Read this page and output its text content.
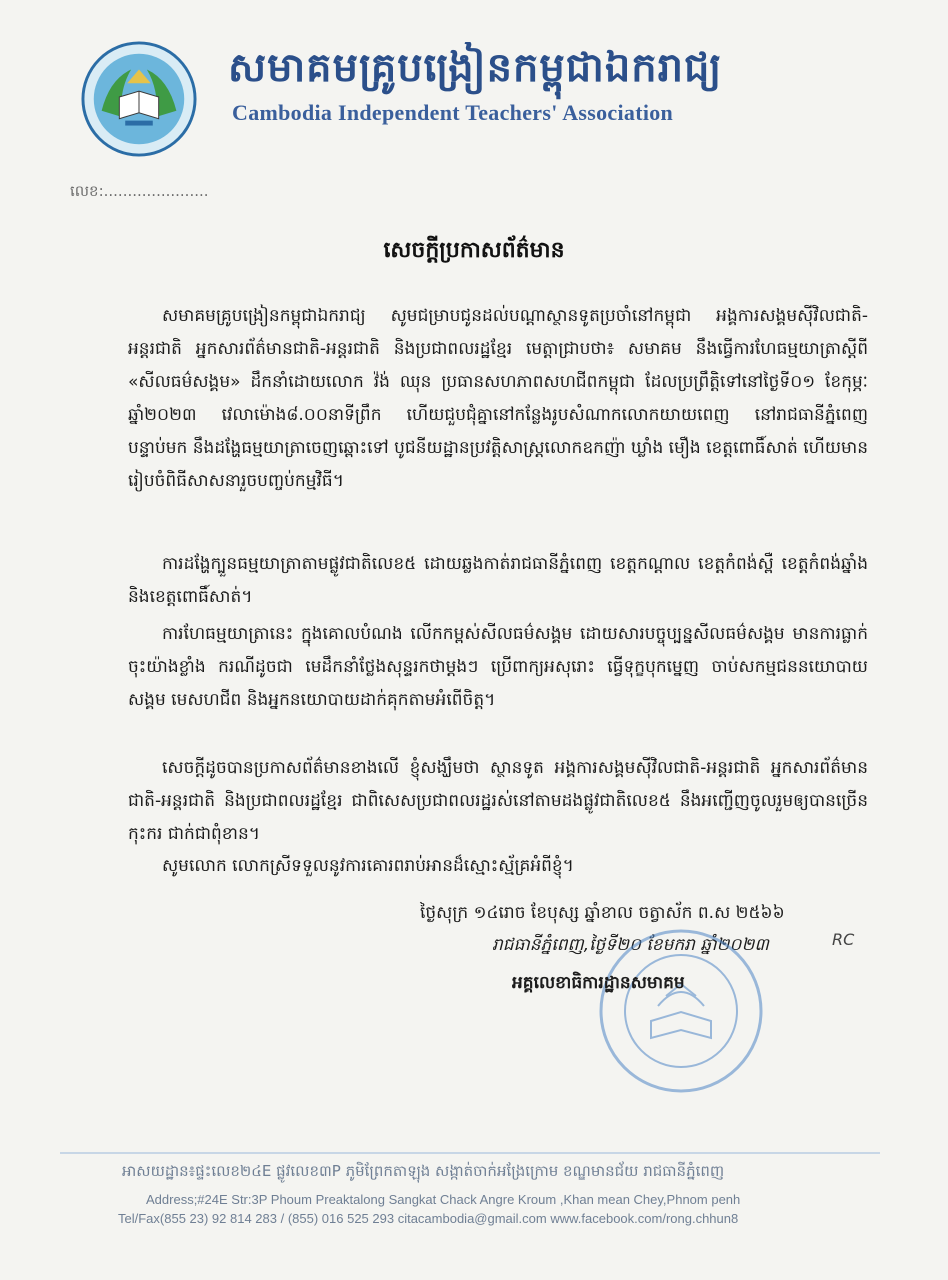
សមាគមគ្រូបង្រៀនកម្ពុជាឯករាជ្យ
Cambodia Independent Teachers' Association
លេខ:......................
សេចក្តីប្រកាសព័ត៌មាន
សមាគមគ្រូបង្រៀនកម្ពុជាឯករាជ្យ សូមជម្រាបជូនដល់បណ្តាស្ថានទូតប្រចាំនៅកម្ពុជា អង្គការសង្គមស៊ីវិលជាតិ-អន្តរជាតិ អ្នកសារព័ត៌មានជាតិ-អន្តរជាតិ និងប្រជាពលរដ្ឋខ្មែរ មេត្តាជ្រាបថា៖ សមាគម នឹងធ្វើការហែធម្មយាត្រាស្តីពី «សីលធម៌សង្គម» ដឹកនាំដោយលោក វ៉ង់ ឈុន ប្រធានសហភាពសហជីពកម្ពុជា ដែលប្រព្រឹត្តិទៅនៅថ្ងៃទី០១ ខែកុម្ភៈ ឆ្នាំ២០២៣ វេលាម៉ោង៨.០០នាទីព្រឹក ហើយជួបជុំគ្នានៅកន្លែងរូបសំណាកលោកយាយពេញ នៅរាជធានីភ្នំពេញ បន្ទាប់មក នឹងដង្ហែធម្មយាត្រាចេញឆ្ពោះទៅ បូជនីយដ្ឋានប្រវត្តិសាស្ត្រលោកឧកញ៉ា ឃ្លាំង មឿង ខេត្តពោធិ៍សាត់ ហើយមានរៀបចំពិធីសាសនារួចបញ្ចប់កម្មវិធី។
ការដង្ហែក្បួនធម្មយាត្រាតាមផ្លូវជាតិលេខ៥ ដោយឆ្លងកាត់រាជធានីភ្នំពេញ ខេត្តកណ្តាល ខេត្តកំពង់ស្ពឺ ខេត្តកំពង់ឆ្នាំង និងខេត្តពោធិ៍សាត់។
ការហែធម្មយាត្រានេះ ក្នុងគោលបំណង លើកកម្ពស់សីលធម៌សង្គម ដោយសារបច្ចុប្បន្នសីលធម៌សង្គម មានការធ្លាក់ចុះយ៉ាងខ្លាំង ករណីដូចជា មេដឹកនាំថ្លែងសុន្ទរកថាម្តងៗ ប្រើពាក្យអសុរោះ ធ្វើទុក្ខបុកម្នេញ ចាប់សកម្មជននយោបាយ សង្គម មេសហជីព និងអ្នកនយោបាយដាក់គុកតាមអំពើចិត្ត។
សេចក្តីដូចបានប្រកាសព័ត៌មានខាងលើ ខ្ញុំសង្ឃឹមថា ស្ថានទូត អង្គការសង្គមស៊ីវិលជាតិ-អន្តរជាតិ អ្នកសារព័ត៌មានជាតិ-អន្តរជាតិ និងប្រជាពលរដ្ឋខ្មែរ ជាពិសេសប្រជាពលរដ្ឋរស់នៅតាមដងផ្លូវជាតិលេខ៥ នឹងអញ្ជើញចូលរួមឲ្យបានច្រើនកុះករ ជាក់ជាពុំខាន។
សូមលោក លោកស្រីទទួលនូវការគោរពរាប់អានដ៏ស្មោះស្ម័គ្រអំពីខ្ញុំ។
ថ្ងៃសុក្រ ១៤រោច ខែបុស្ស ឆ្នាំខាល ចត្វាស័ក ព.ស ២៥៦៦
រាជធានីភ្នំពេញ,ថ្ងៃទី២០ ខែមករា ឆ្នាំ២០២៣	RC
អគ្គលេខាធិការដ្ឋានសមាគម
អាសយដ្ឋាន៖ផ្ទះលេខ២៤E ផ្លូវលេខ៣P ភូមិព្រែកតាឡុង សង្កាត់ចាក់អង្រែក្រោម ខណ្ឌមានជ័យ រាជធានីភ្នំពេញ
Address;#24E Str:3P Phoum Preaktalong Sangkat Chack Angre Kroum ,Khan mean Chey,Phnom penh
Tel/Fax(855 23) 92 814 283 / (855) 016 525 293 citacambodia@gmail.com www.facebook.com/rong.chhun8
